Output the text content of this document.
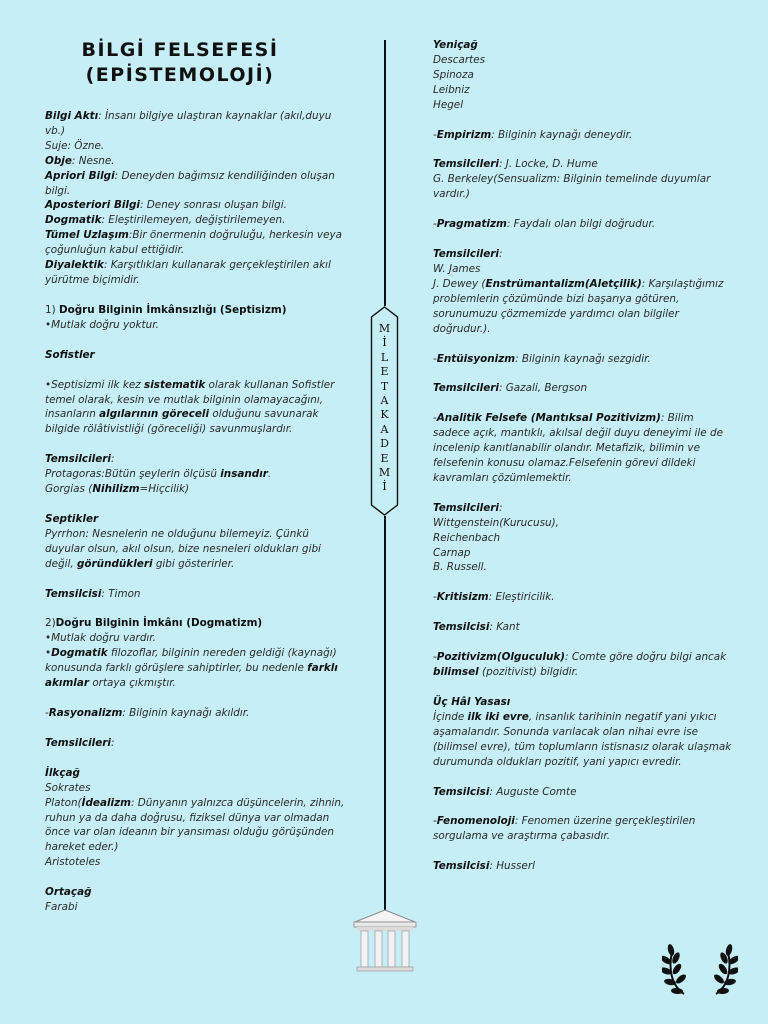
BİLGİ FELSEFESİ
(EPİSTEMOLOJİ)
M
İ
L
E
T
A
K
A
D
E
M
İ
Bilgi Aktı: İnsanı bilgiye ulaştıran kaynaklar (akıl,duyu vb.)
Suje: Özne.
Obje: Nesne.
Apriori Bilgi: Deneyden bağımsız kendiliğinden oluşan bilgi.
Aposteriori Bilgi: Deney sonrası oluşan bilgi.
Dogmatik: Eleştirilemeyen, değiştirilemeyen.
Tümel Uzlaşım:Bir önermenin doğruluğu, herkesin veya çoğunluğun kabul ettiğidir.
Diyalektik: Karşıtlıkları kullanarak gerçekleştirilen akıl yürütme biçimidir.
1) Doğru Bilginin İmkânsızlığı (Septisizm)
•Mutlak doğru yoktur.
Sofistler
•Septisizmi ilk kez sistematik olarak kullanan Sofistler temel olarak, kesin ve mutlak bilginin olamayacağını, insanların algılarının göreceli olduğunu savunarak bilgide rölâtivistliği (göreceliği) savunmuşlardır.
Temsilcileri:
Protagoras:Bütün şeylerin ölçüsü insandır.
Gorgias (Nihilizm=Hiçcilik)
Septikler
Pyrrhon: Nesnelerin ne olduğunu bilemeyiz. Çünkü duyular olsun, akıl olsun, bize nesneleri oldukları gibi değil, göründükleri gibi gösterirler.
Temsilcisi: Timon
2)Doğru Bilginin İmkânı (Dogmatizm)
•Mutlak doğru vardır.
•Dogmatik filozoflar, bilginin nereden geldiği (kaynağı) konusunda farklı görüşlere sahiptirler, bu nedenle farklı akımlar ortaya çıkmıştır.
-Rasyonalizm: Bilginin kaynağı akıldır.
Temsilcileri:
İlkçağ
Sokrates
Platon(İdealizm: Dünyanın yalnızca düşüncelerin, zihnin, ruhun ya da daha doğrusu, fiziksel dünya var olmadan önce var olan ideanın bir yansıması olduğu görüşünden hareket eder.)
Aristoteles
Ortaçağ
Farabi
Yeniçağ
Descartes
Spinoza
Leibniz
Hegel
-Empirizm: Bilginin kaynağı deneydir.
Temsilcileri: J. Locke, D. Hume
G. Berkeley(Sensualizm: Bilginin temelinde duyumlar vardır.)
-Pragmatizm: Faydalı olan bilgi doğrudur.
Temsilcileri:
W. James
J. Dewey (Enstrümantalizm(Aletçilik): Karşılaştığımız problemlerin çözümünde bizi başarıya götüren, sorunumuzu çözmemizde yardımcı olan bilgiler doğrudur.).
-Entüisyonizm: Bilginin kaynağı sezgidir.
Temsilcileri: Gazali, Bergson
-Analitik Felsefe (Mantıksal Pozitivizm): Bilim sadece açık, mantıklı, akılsal değil duyu deneyimi ile de incelenip kanıtlanabilir olandır. Metafizik, bilimin ve felsefenin konusu olamaz.Felsefenin görevi dildeki kavramları çözümlemektir.
Temsilcileri:
Wittgenstein(Kurucusu),
Reichenbach
Carnap
B. Russell.
-Kritisizm: Eleştiricilik.
Temsilcisi: Kant
-Pozitivizm(Olguculuk): Comte göre doğru bilgi ancak bilimsel (pozitivist) bilgidir.
Üç Hâl Yasası
İçinde ilk iki evre, insanlık tarihinin negatif yani yıkıcı aşamalarıdır. Sonunda varılacak olan nihai evre ise (bilimsel evre), tüm toplumların istisnasız olarak ulaşmak durumunda oldukları pozitif, yani yapıcı evredir.
Temsilcisi: Auguste Comte
-Fenomenoloji: Fenomen üzerine gerçekleştirilen sorgulama ve araştırma çabasıdır.
Temsilcisi: Husserl
